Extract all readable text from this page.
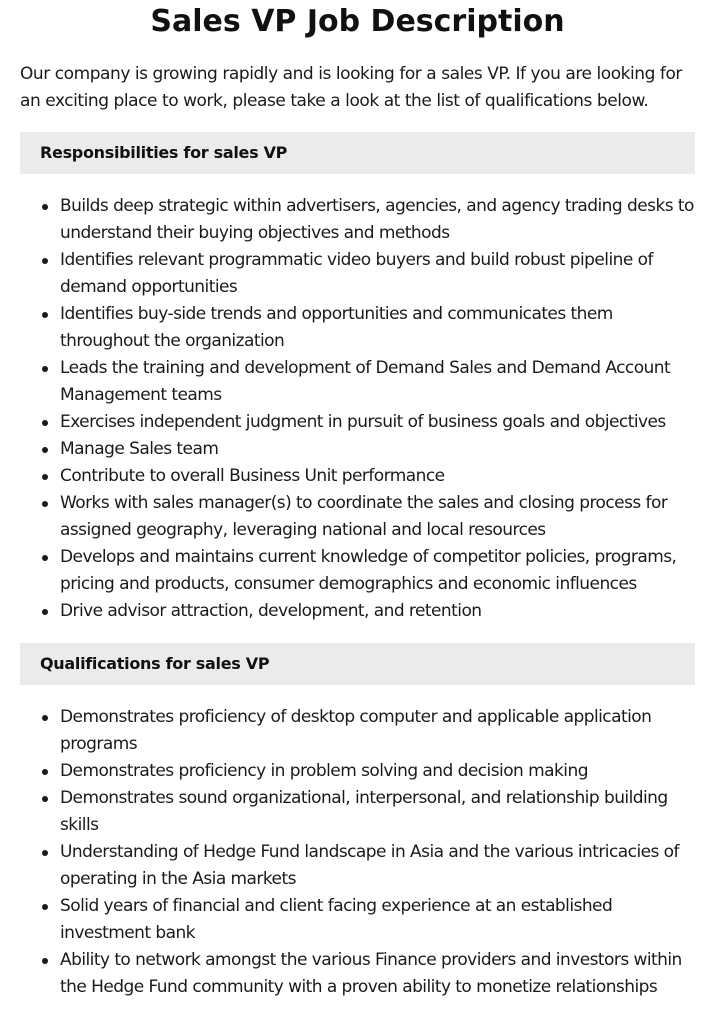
Sales VP Job Description

Our company is growing rapidly and is looking for a sales VP. If you are looking for an exciting place to work, please take a look at the list of qualifications below.

Responsibilities for sales VP
Builds deep strategic within advertisers, agencies, and agency trading desks to understand their buying objectives and methods
Identifies relevant programmatic video buyers and build robust pipeline of demand opportunities
Identifies buy-side trends and opportunities and communicates them throughout the organization
Leads the training and development of Demand Sales and Demand Account Management teams
Exercises independent judgment in pursuit of business goals and objectives
Manage Sales team
Contribute to overall Business Unit performance
Works with sales manager(s) to coordinate the sales and closing process for assigned geography, leveraging national and local resources
Develops and maintains current knowledge of competitor policies, programs, pricing and products, consumer demographics and economic influences
Drive advisor attraction, development, and retention
Qualifications for sales VP
Demonstrates proficiency of desktop computer and applicable application programs
Demonstrates proficiency in problem solving and decision making
Demonstrates sound organizational, interpersonal, and relationship building skills
Understanding of Hedge Fund landscape in Asia and the various intricacies of operating in the Asia markets
Solid years of financial and client facing experience at an established investment bank
Ability to network amongst the various Finance providers and investors within the Hedge Fund community with a proven ability to monetize relationships
